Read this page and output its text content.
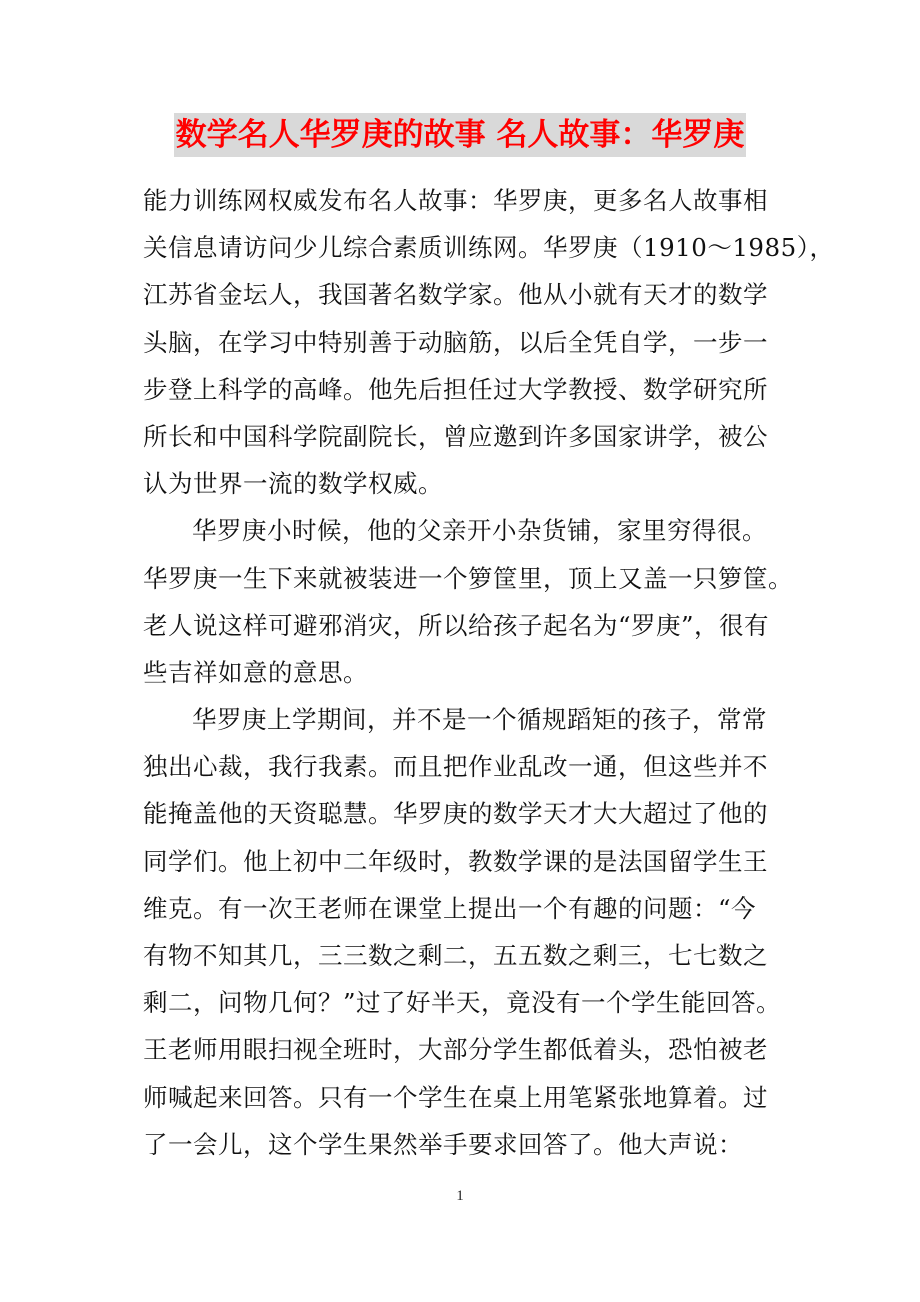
数学名人华罗庚的故事 名人故事：华罗庚
能力训练网权威发布名人故事：华罗庚，更多名人故事相
关信息请访问少儿综合素质训练网。华罗庚（1910～1985），
江苏省金坛人，我国著名数学家。他从小就有天才的数学
头脑，在学习中特别善于动脑筋，以后全凭自学，一步一
步登上科学的高峰。他先后担任过大学教授、数学研究所
所长和中国科学院副院长，曾应邀到许多国家讲学，被公
认为世界一流的数学权威。
华罗庚小时候，他的父亲开小杂货铺，家里穷得很。
华罗庚一生下来就被装进一个箩筐里，顶上又盖一只箩筐。
老人说这样可避邪消灾，所以给孩子起名为“罗庚”，很有
些吉祥如意的意思。
华罗庚上学期间，并不是一个循规蹈矩的孩子，常常
独出心裁，我行我素。而且把作业乱改一通，但这些并不
能掩盖他的天资聪慧。华罗庚的数学天才大大超过了他的
同学们。他上初中二年级时，教数学课的是法国留学生王
维克。有一次王老师在课堂上提出一个有趣的问题：“今
有物不知其几，三三数之剩二，五五数之剩三，七七数之
剩二，问物几何？”过了好半天，竟没有一个学生能回答。
王老师用眼扫视全班时，大部分学生都低着头，恐怕被老
师喊起来回答。只有一个学生在桌上用笔紧张地算着。过
了一会儿，这个学生果然举手要求回答了。他大声说：
1
